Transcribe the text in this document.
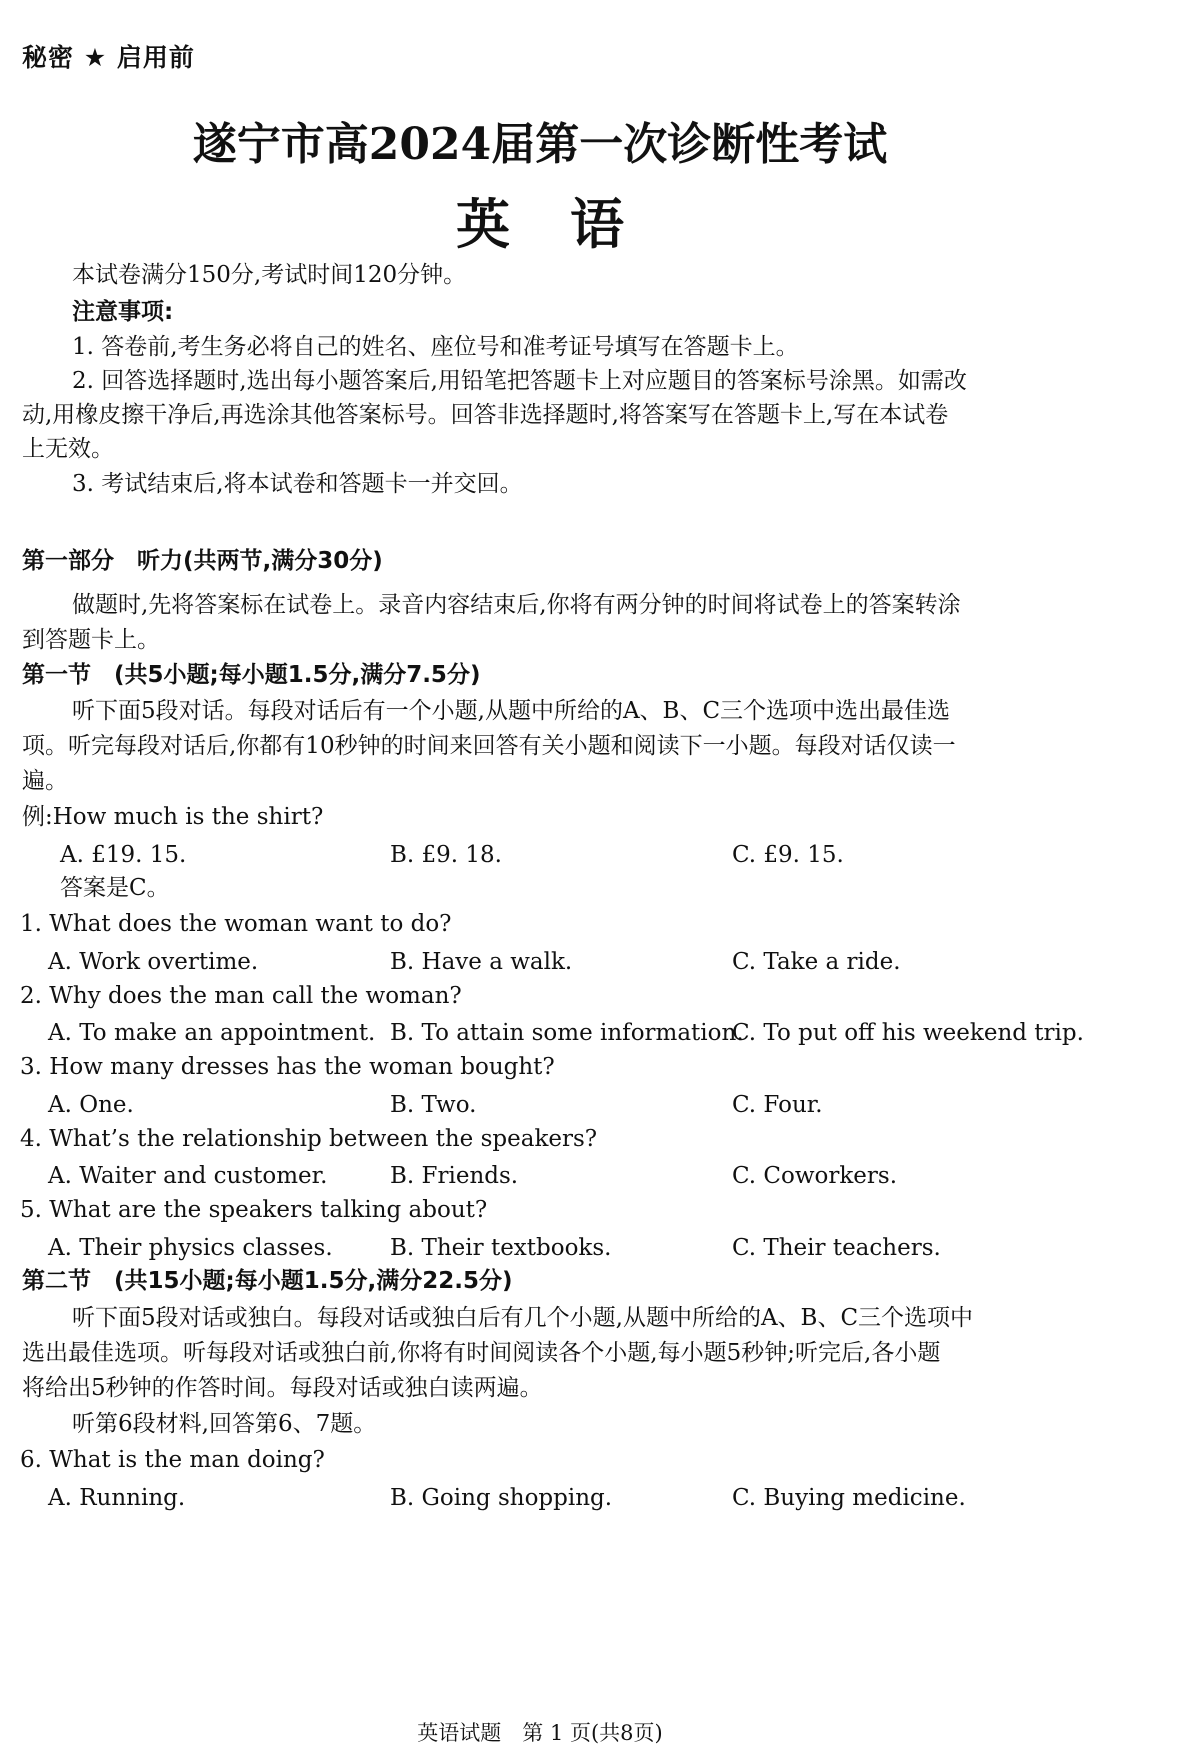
秘密 ★ 启用前
遂宁市高2024届第一次诊断性考试
英语
本试卷满分150分,考试时间120分钟。
注意事项:
1. 答卷前,考生务必将自己的姓名、座位号和准考证号填写在答题卡上。
2. 回答选择题时,选出每小题答案后,用铅笔把答题卡上对应题目的答案标号涂黑。如需改
动,用橡皮擦干净后,再选涂其他答案标号。回答非选择题时,将答案写在答题卡上,写在本试卷
上无效。
3. 考试结束后,将本试卷和答题卡一并交回。
第一部分　听力(共两节,满分30分)
做题时,先将答案标在试卷上。录音内容结束后,你将有两分钟的时间将试卷上的答案转涂
到答题卡上。
第一节　(共5小题;每小题1.5分,满分7.5分)
听下面5段对话。每段对话后有一个小题,从题中所给的A、B、C三个选项中选出最佳选
项。听完每段对话后,你都有10秒钟的时间来回答有关小题和阅读下一小题。每段对话仅读一
遍。
例:How much is the shirt?
A. £19. 15.	B. £9. 18.	C. £9. 15.
答案是C。
1. What does the woman want to do?
A. Work overtime.	B. Have a walk.	C. Take a ride.
2. Why does the man call the woman?
A. To make an appointment. B. To attain some information.
C. To put off his weekend trip.
3. How many dresses has the woman bought?
A. One.	B. Two.	C. Four.
4. What’s the relationship between the speakers?
A. Waiter and customer.	B. Friends.	C. Coworkers.
5. What are the speakers talking about?
A. Their physics classes. B. Their textbooks.	C. Their teachers.
第二节　(共15小题;每小题1.5分,满分22.5分)
听下面5段对话或独白。每段对话或独白后有几个小题,从题中所给的A、B、C三个选项中
选出最佳选项。听每段对话或独白前,你将有时间阅读各个小题,每小题5秒钟;听完后,各小题
将给出5秒钟的作答时间。每段对话或独白读两遍。
听第6段材料,回答第6、7题。
6. What is the man doing?
A. Running.	B. Going shopping.	C. Buying medicine.
英语试题　第 1 页(共8页)
